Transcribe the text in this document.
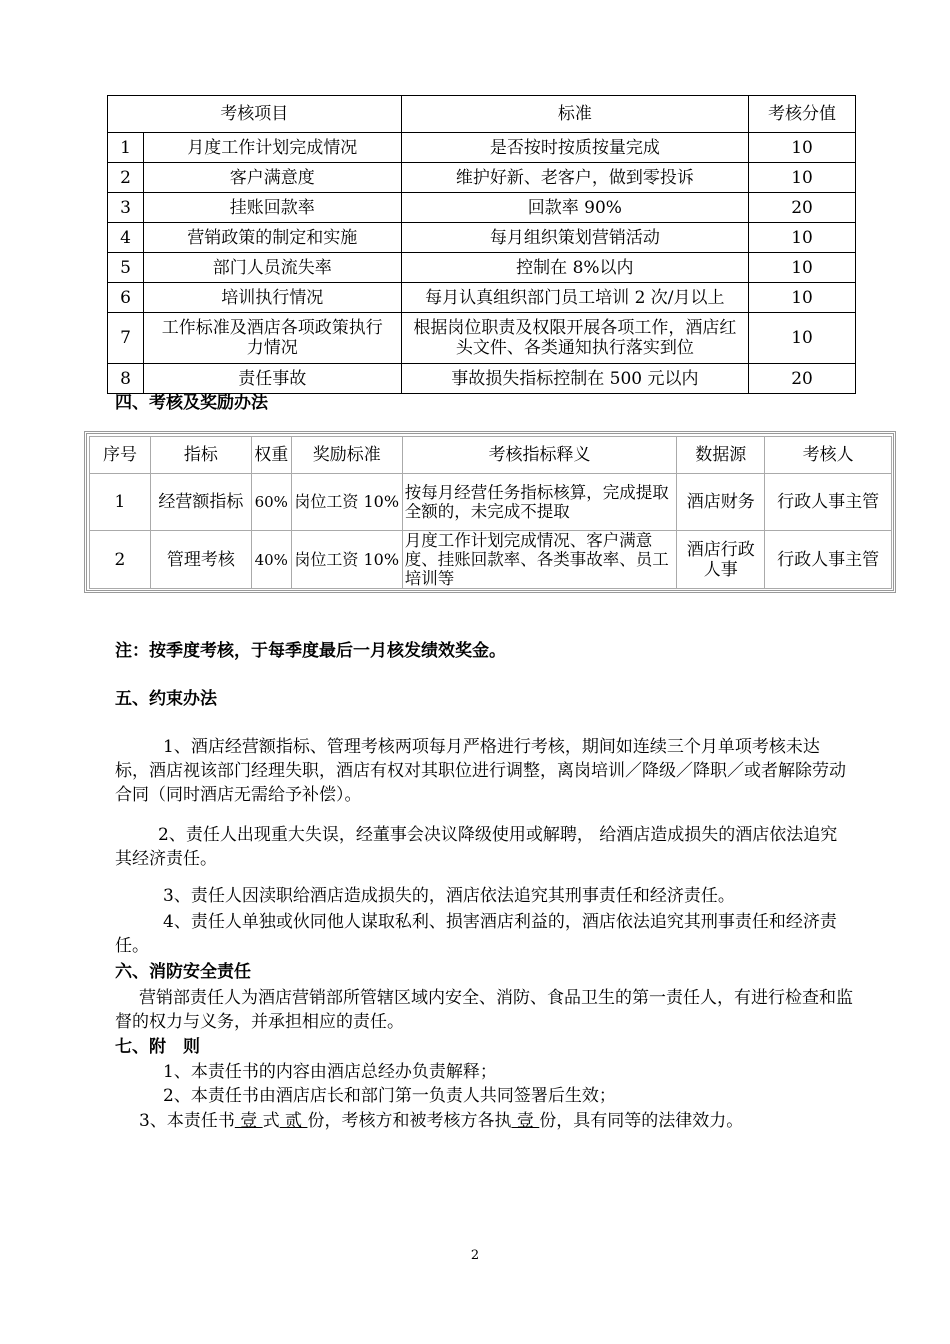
考核项目		标准	考核分值
1	月度工作计划完成情况	是否按时按质按量完成	10
2	客户满意度	维护好新、老客户，做到零投诉	10
3	挂账回款率	回款率 90%	20
4	营销政策的制定和实施	每月组织策划营销活动	10
5	部门人员流失率	控制在 8%以内	10
6	培训执行情况	每月认真组织部门员工培训 2 次/月以上	10
7	工作标准及酒店各项政策执行力情况	根据岗位职责及权限开展各项工作，酒店红头文件、各类通知执行落实到位	10
8	责任事故	事故损失指标控制在 500 元以内	20
四、考核及奖励办法
序号	指标	权重	奖励标准	考核指标释义	数据源	考核人
1	经营额指标	60%	岗位工资 10%	按每月经营任务指标核算，完成提取全额的，未完成不提取	酒店财务	行政人事主管
2	管理考核	40%	岗位工资 10%	月度工作计划完成情况、客户满意度、挂账回款率、各类事故率、员工培训等	酒店行政人事	行政人事主管
注：按季度考核，于每季度最后一月核发绩效奖金。
五、约束办法
1、酒店经营额指标、管理考核两项每月严格进行考核，期间如连续三个月单项考核未达标，酒店视该部门经理失职，酒店有权对其职位进行调整，离岗培训／降级／降职／或者解除劳动合同（同时酒店无需给予补偿）。
2、责任人出现重大失误，经董事会决议降级使用或解聘， 给酒店造成损失的酒店依法追究其经济责任。
3、责任人因渎职给酒店造成损失的，酒店依法追究其刑事责任和经济责任。
4、责任人单独或伙同他人谋取私利、损害酒店利益的，酒店依法追究其刑事责任和经济责任。
六、消防安全责任
营销部责任人为酒店营销部所管辖区域内安全、消防、食品卫生的第一责任人，有进行检查和监督的权力与义务，并承担相应的责任。
七、附　则
1、本责任书的内容由酒店总经办负责解释；
2、本责任书由酒店店长和部门第一负责人共同签署后生效；
3、本责任书 壹 式 贰 份，考核方和被考核方各执 壹 份，具有同等的法律效力。
2
